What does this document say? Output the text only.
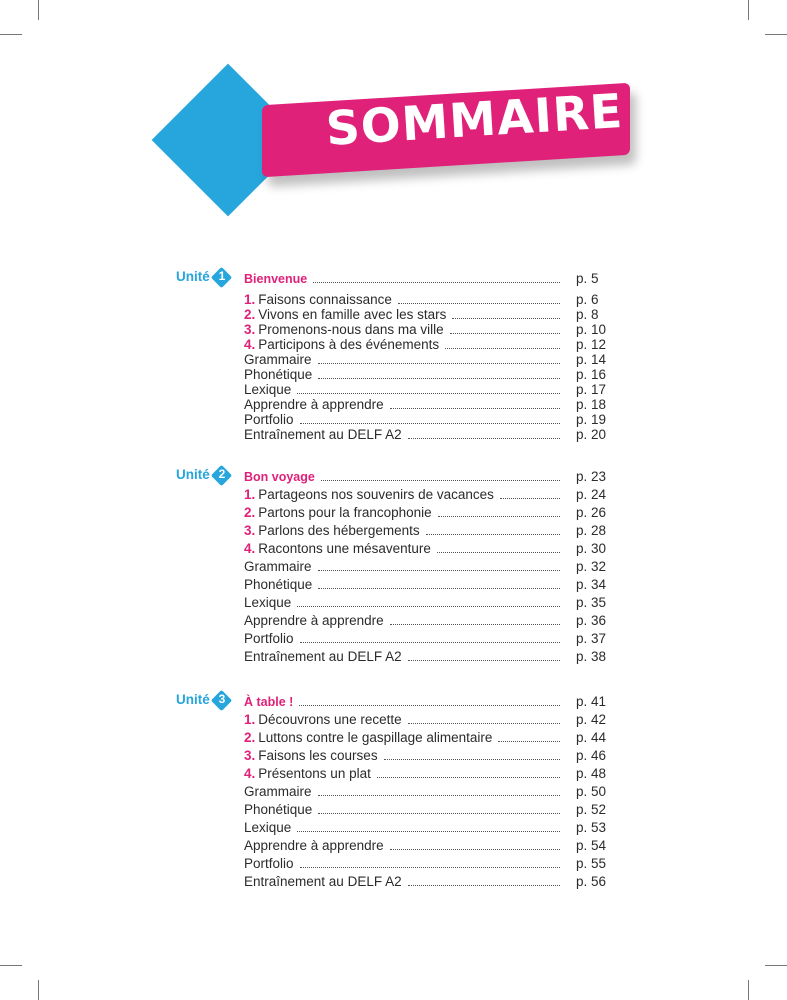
SOMMAIRE
Unité 1	Bienvenue	p. 5
1. Faisons connaissance	p. 6
2. Vivons en famille avec les stars	p. 8
3. Promenons-nous dans ma ville	p. 10
4. Participons à des événements	p. 12
Grammaire	p. 14
Phonétique	p. 16
Lexique	p. 17
Apprendre à apprendre	p. 18
Portfolio	p. 19
Entraînement au DELF A2	p. 20
Unité 2	Bon voyage	p. 23
1. Partageons nos souvenirs de vacances	p. 24
2. Partons pour la francophonie	p. 26
3. Parlons des hébergements	p. 28
4. Racontons une mésaventure	p. 30
Grammaire	p. 32
Phonétique	p. 34
Lexique	p. 35
Apprendre à apprendre	p. 36
Portfolio	p. 37
Entraînement au DELF A2	p. 38
Unité 3	À table !	p. 41
1. Découvrons une recette	p. 42
2. Luttons contre le gaspillage alimentaire	p. 44
3. Faisons les courses	p. 46
4. Présentons un plat	p. 48
Grammaire	p. 50
Phonétique	p. 52
Lexique	p. 53
Apprendre à apprendre	p. 54
Portfolio	p. 55
Entraînement au DELF A2	p. 56
